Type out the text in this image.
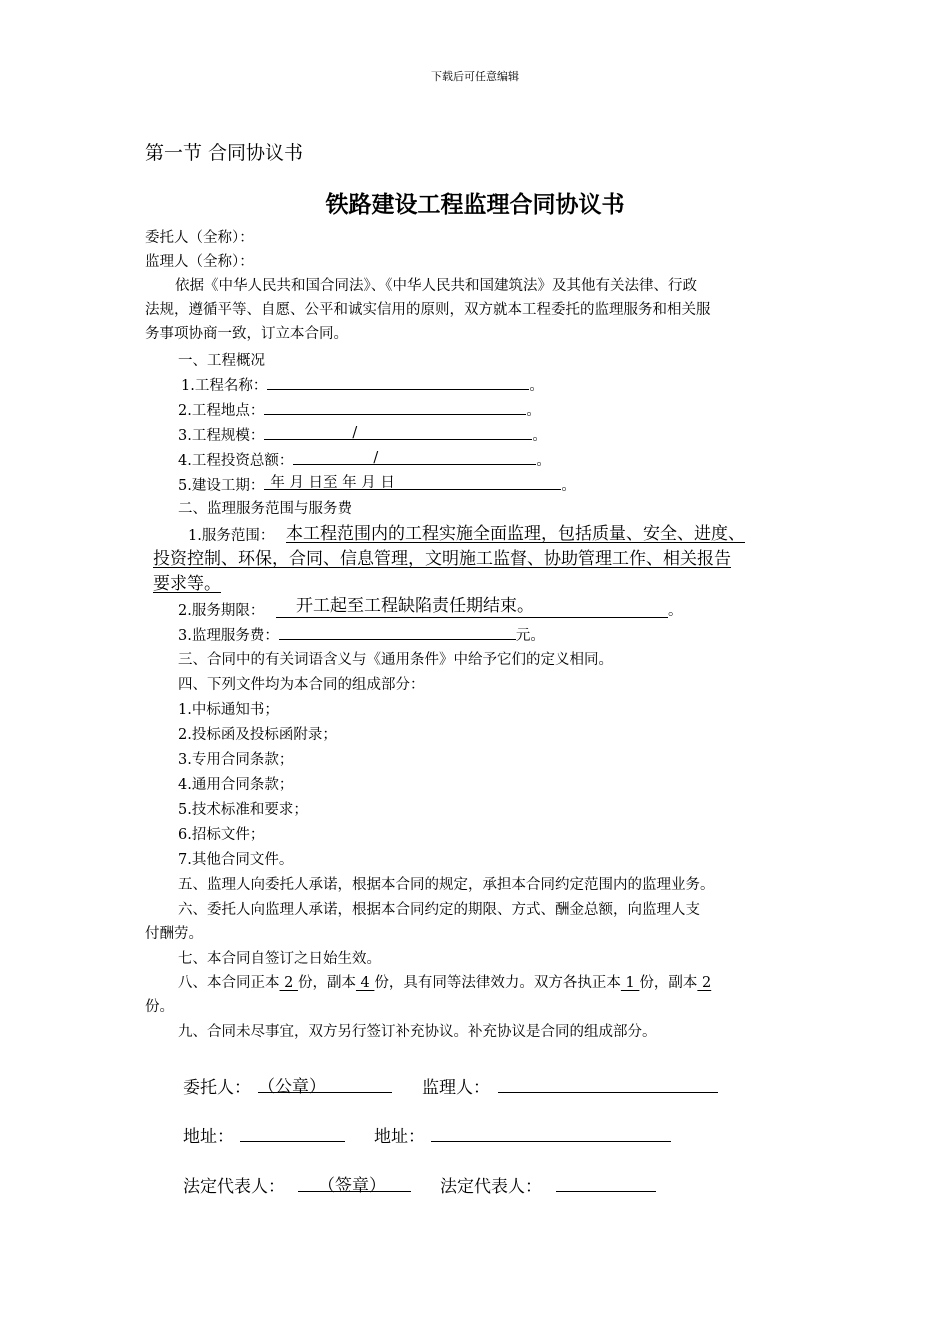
下载后可任意编辑
第一节 合同协议书
铁路建设工程监理合同协议书
委托人（全称）：
监理人（全称）：
依据《中华人民共和国合同法》、《中华人民共和国建筑法》及其他有关法律、行政
法规，遵循平等、自愿、公平和诚实信用的原则，双方就本工程委托的监理服务和相关服
务事项协商一致，订立本合同。
一、工程概况
1.工程名称：	。
2.工程地点：	。
3.工程规模：	/	。
4.工程投资总额：	/	。
5.建设工期： 年 月 日至 年 月 日	。
二、监理服务范围与服务费
1.服务范围： 本工程范围内的工程实施全面监理，包括质量、安全、进度、
投资控制、环保，合同、信息管理，文明施工监督、协助管理工作、相关报告
要求等。
2.服务期限： 开工起至工程缺陷责任期结束。	。
3.监理服务费：	元。
三、合同中的有关词语含义与《通用条件》中给予它们的定义相同。
四、下列文件均为本合同的组成部分：
1.中标通知书；
2.投标函及投标函附录；
3.专用合同条款；
4.通用合同条款；
5.技术标准和要求；
6.招标文件；
7.其他合同文件。
五、监理人向委托人承诺，根据本合同的规定，承担本合同约定范围内的监理业务。
六、委托人向监理人承诺，根据本合同约定的期限、方式、酬金总额，向监理人支
付酬劳。
七、本合同自签订之日始生效。
八、本合同正本 2 份，副本 4 份，具有同等法律效力。双方各执正本 1 份，副本 2
份。
九、合同未尽事宜，双方另行签订补充协议。补充协议是合同的组成部分。
委托人： （公章）	监理人：
地址：	地址：
法定代表人： （签章）	法定代表人：
